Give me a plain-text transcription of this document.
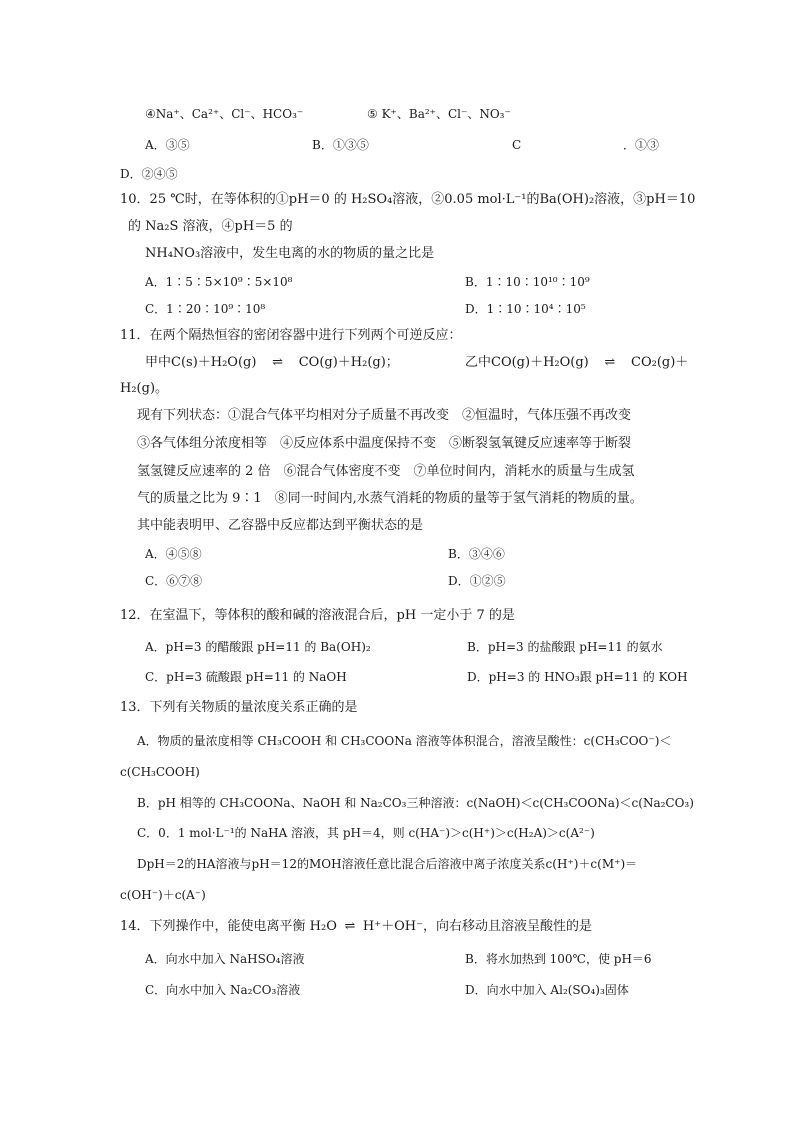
④Na⁺、Ca²⁺、Cl⁻、HCO₃⁻	⑤ K⁺、Ba²⁺、Cl⁻、NO₃⁻
A．③⑤	B．①③⑤	C	．①③
D．②④⑤
10．25 ℃时，在等体积的①pH＝0 的 H₂SO₄溶液，②0.05 mol·L⁻¹的Ba(OH)₂溶液，③pH＝10
的 Na₂S 溶液，④pH＝5 的
NH₄NO₃溶液中，发生电离的水的物质的量之比是
A．1∶5∶5×10⁹∶5×10⁸	B．1∶10∶10¹⁰∶10⁹
C．1∶20∶10⁹∶10⁸	D．1∶10∶10⁴∶10⁵
11．在两个隔热恒容的密闭容器中进行下列两个可逆反应：
甲中C(s)＋H₂O(g) ⇌ CO(g)＋H₂(g)；	乙中CO(g)＋H₂O(g) ⇌ CO₂(g)＋
H₂(g)。
现有下列状态：①混合气体平均相对分子质量不再改变　②恒温时，气体压强不再改变
③各气体组分浓度相等　④反应体系中温度保持不变　⑤断裂氢氧键反应速率等于断裂
氢氢键反应速率的 2 倍　⑥混合气体密度不变　⑦单位时间内，消耗水的质量与生成氢
气的质量之比为 9∶1　⑧同一时间内,水蒸气消耗的物质的量等于氢气消耗的物质的量。
其中能表明甲、乙容器中反应都达到平衡状态的是
A．④⑤⑧	B．③④⑥
C．⑥⑦⑧	D．①②⑤
12．在室温下，等体积的酸和碱的溶液混合后，pH 一定小于 7 的是
A．pH=3 的醋酸跟 pH=11 的 Ba(OH)₂	B．pH=3 的盐酸跟 pH=11 的氨水
C．pH=3 硫酸跟 pH=11 的 NaOH	D．pH=3 的 HNO₃跟 pH=11 的 KOH
13．下列有关物质的量浓度关系正确的是
A．物质的量浓度相等 CH₃COOH 和 CH₃COONa 溶液等体积混合，溶液呈酸性：c(CH₃COO⁻)＜
c(CH₃COOH)
B．pH 相等的 CH₃COONa、NaOH 和 Na₂CO₃三种溶液：c(NaOH)＜c(CH₃COONa)＜c(Na₂CO₃)
C．0．1 mol·L⁻¹的 NaHA 溶液，其 pH＝4，则 c(HA⁻)＞c(H⁺)＞c(H₂A)＞c(A²⁻)
DpH＝2的HA溶液与pH＝12的MOH溶液任意比混合后溶液中离子浓度关系c(H⁺)＋c(M⁺)＝
c(OH⁻)＋c(A⁻)
14．下列操作中，能使电离平衡 H₂O ⇌ H⁺＋OH⁻，向右移动且溶液呈酸性的是
A．向水中加入 NaHSO₄溶液	B．将水加热到 100℃，使 pH＝6
C．向水中加入 Na₂CO₃溶液	D．向水中加入 Al₂(SO₄)₃固体
